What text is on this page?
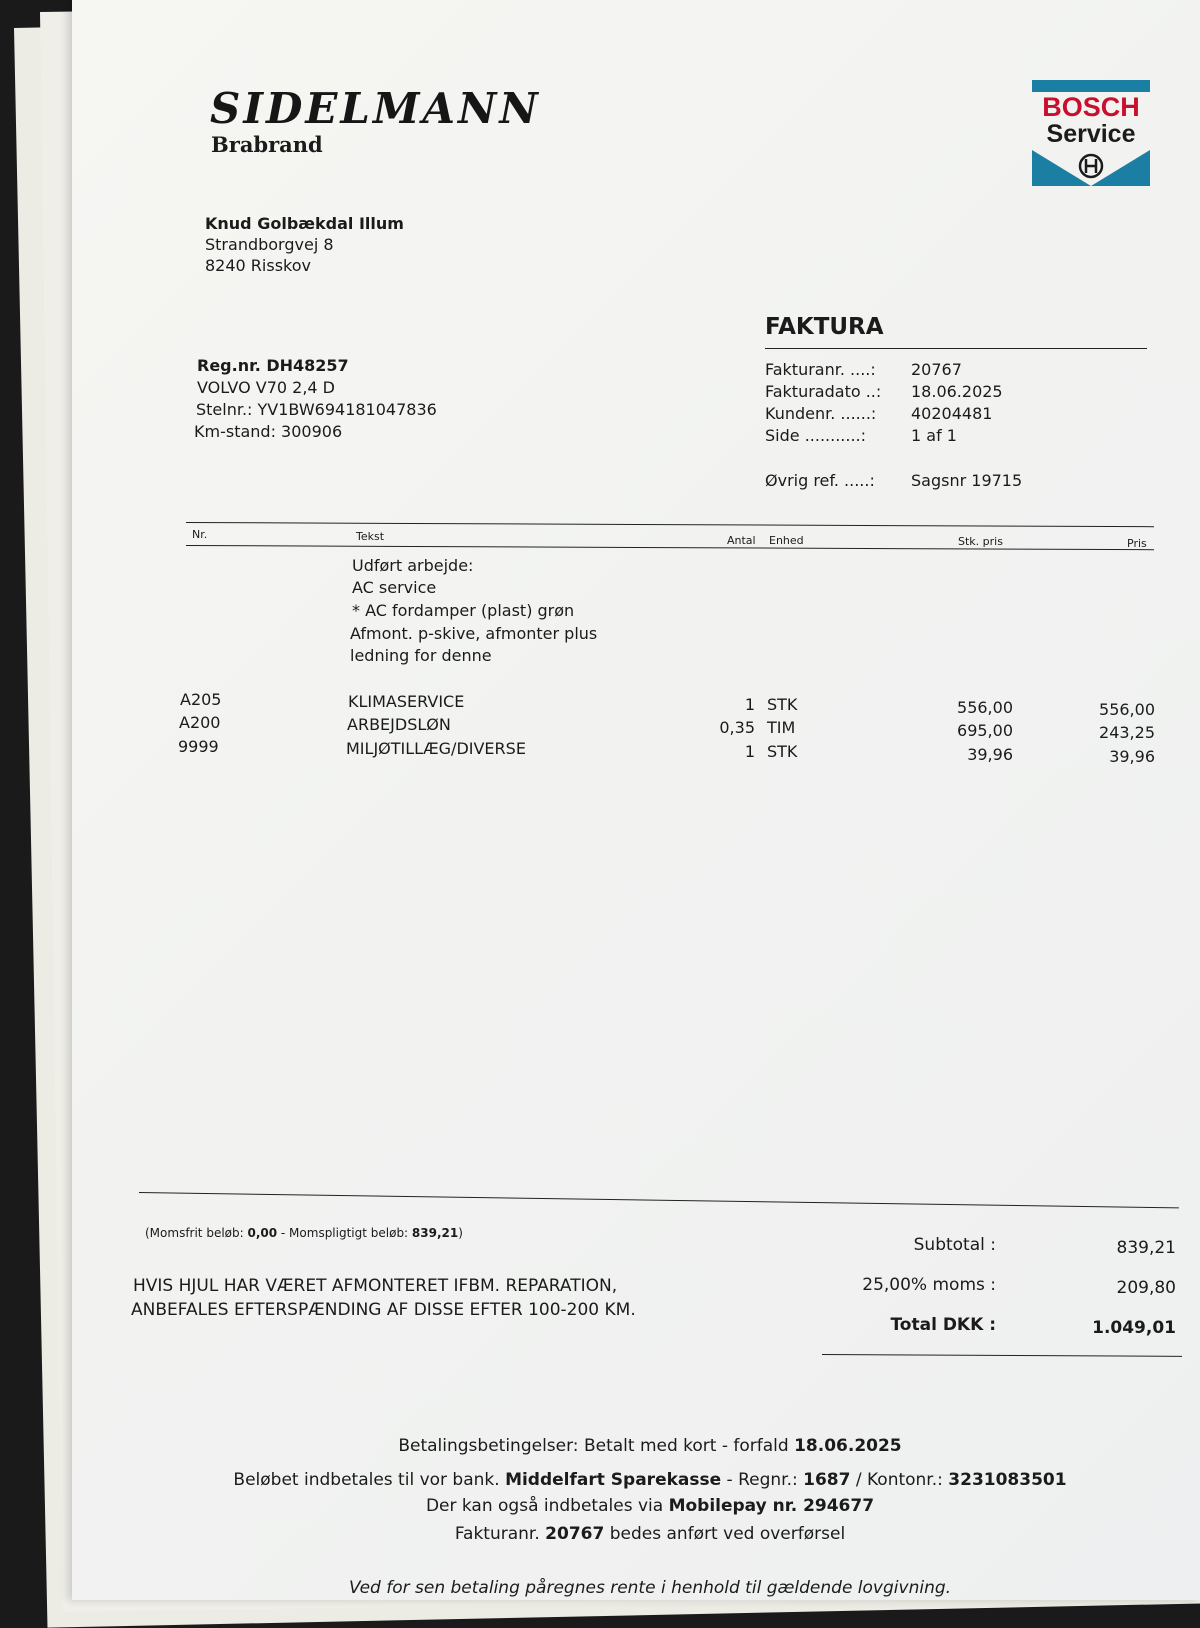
SIDELMANN
Brabrand
BOSCH
Service
Knud Golbækdal Illum
Strandborgvej 8
8240 Risskov
FAKTURA
Fakturanr. ....: 20767
Fakturadato ..: 18.06.2025
Kundenr. ......: 40204481
Side ...........:	1 af 1
Øvrig ref. .....: Sagsnr 19715
Reg.nr. DH48257
VOLVO V70 2,4 D
Stelnr.: YV1BW694181047836
Km-stand: 300906
Nr.	Tekst	Antal Enhed	Stk. pris	Pris
Udført arbejde:
AC service
* AC fordamper (plast) grøn
Afmont. p-skive, afmonter plus
ledning for denne
A205	KLIMASERVICE	1 STK	556,00	556,00
A200	ARBEJDSLØN	0,35 TIM	695,00	243,25
9999	MILJØTILLÆG/DIVERSE	1 STK	39,96	39,96
(Momsfrit beløb: 0,00 - Momspligtigt beløb: 839,21)
HVIS HJUL HAR VÆRET AFMONTERET IFBM. REPARATION,
ANBEFALES EFTERSPÆNDING AF DISSE EFTER 100-200 KM.
Subtotal :	839,21
25,00% moms :	209,80
Total DKK :	1.049,01
Betalingsbetingelser: Betalt med kort - forfald 18.06.2025
Beløbet indbetales til vor bank. Middelfart Sparekasse - Regnr.: 1687 / Kontonr.: 3231083501
Der kan også indbetales via Mobilepay nr. 294677
Fakturanr. 20767 bedes anført ved overførsel
Ved for sen betaling påregnes rente i henhold til gældende lovgivning.
